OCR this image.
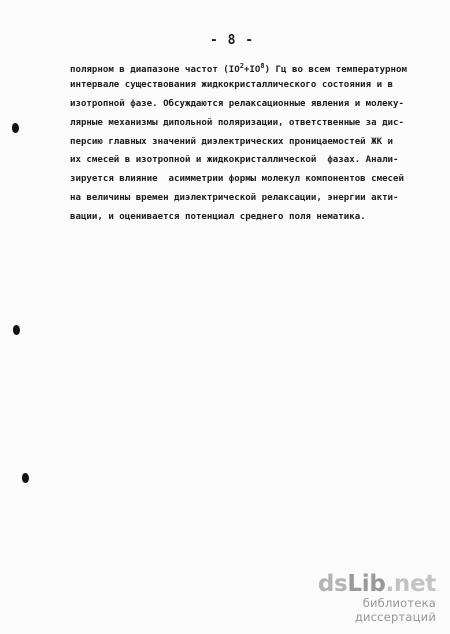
- 8 -
полярном в диапазоне частот $(IO^2+IO^8)$ Гц во всем температурном
интервале существования жидкокристаллического состояния и в
изотропной фазе. Обсуждаются релаксационные явления и молеку-
лярные механизмы дипольной поляризации, ответственные за дис-
персию главных значений диэлектрических проницаемостей ЖК и
их смесей в изотропной и жидкокристаллической  фазах. Анали-
зируется влияние  асимметрии формы молекул компонентов смесей
на величины времен диэлектрической релаксации, энергии акти-
вации, и оценивается потенциал среднего поля нематика.
dsLib.net
библиотека диссертаций
